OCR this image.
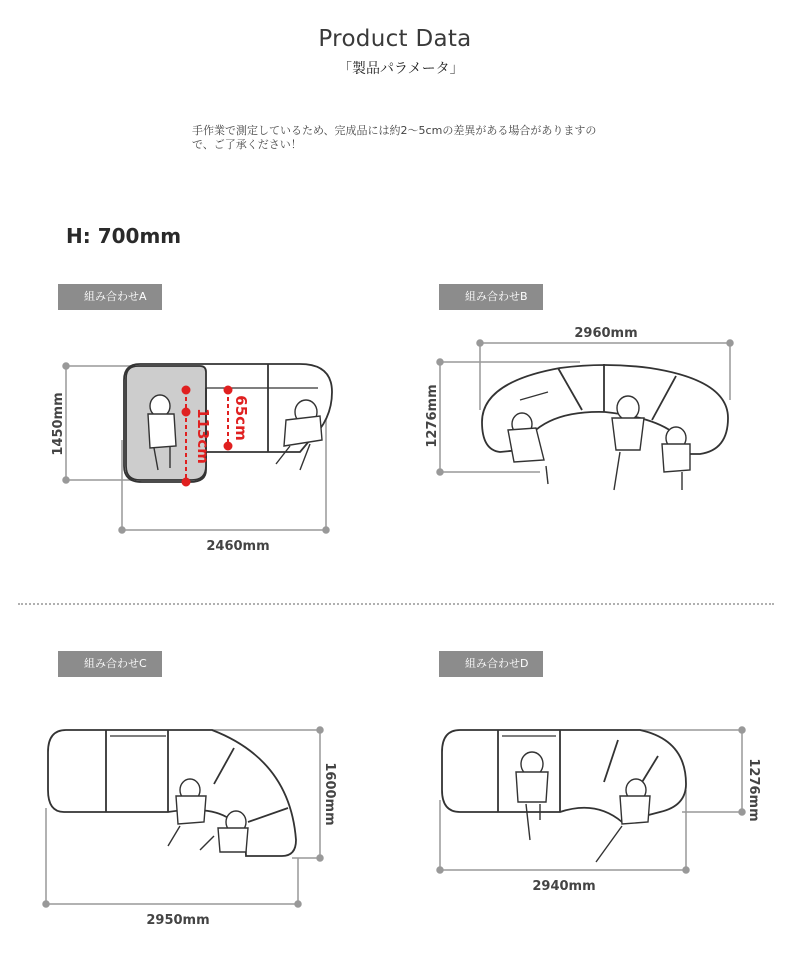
Product Data
「製品パラメータ」
手作業で測定しているため、完成品には約2〜5cmの差異がある場合がありますので、ご了承ください！
H: 700mm
組み合わせA	組み合わせB
組み合わせC	組み合わせD
1450mm
2460mm
113cm 65cm
2960mm
1276mm
1600mm
2950mm
1276mm
2940mm
